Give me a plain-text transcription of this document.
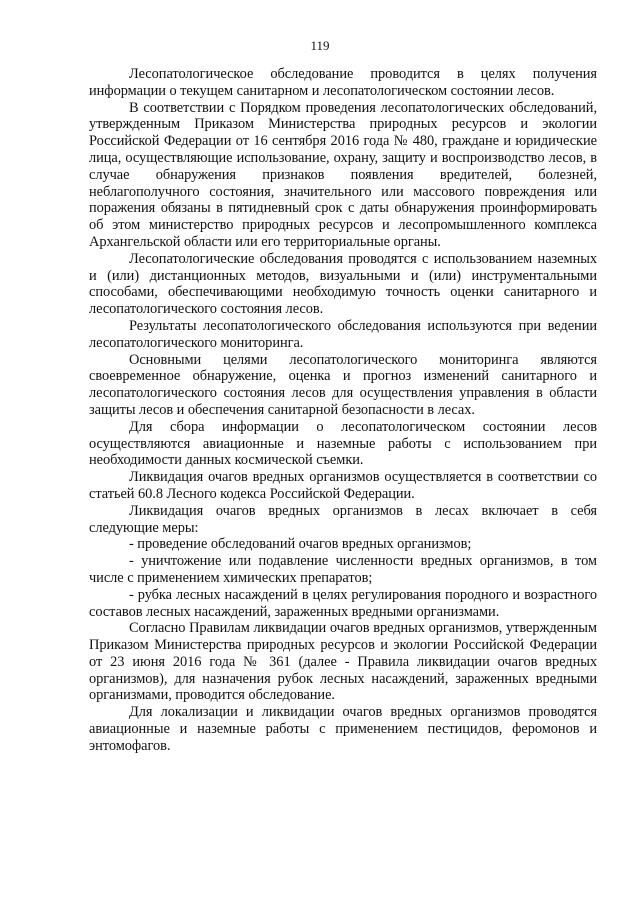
119

Лесопатологическое обследование проводится в целях получения информации о текущем санитарном и лесопатологическом состоянии лесов.

В соответствии с Порядком проведения лесопатологических обследований, утвержденным Приказом Министерства природных ресурсов и экологии Российской Федерации от 16 сентября 2016 года № 480, граждане и юридические лица, осуществляющие использование, охрану, защиту и воспроизводство лесов, в случае обнаружения признаков появления вредителей, болезней, неблагополучного состояния, значительного или массового повреждения или поражения обязаны в пятидневный срок с даты обнаружения проинформировать об этом министерство природных ресурсов и лесопромышленного комплекса Архангельской области или его территориальные органы.

Лесопатологические обследования проводятся с использованием наземных и (или) дистанционных методов, визуальными и (или) инструментальными способами, обеспечивающими необходимую точность оценки санитарного и лесопатологического состояния лесов.

Результаты лесопатологического обследования используются при ведении лесопатологического мониторинга.

Основными целями лесопатологического мониторинга являются своевременное обнаружение, оценка и прогноз изменений санитарного и лесопатологического состояния лесов для осуществления управления в области защиты лесов и обеспечения санитарной безопасности в лесах.

Для сбора информации о лесопатологическом состоянии лесов осуществляются авиационные и наземные работы с использованием при необходимости данных космической съемки.

Ликвидация очагов вредных организмов осуществляется в соответствии со статьей 60.8 Лесного кодекса Российской Федерации.

Ликвидация очагов вредных организмов в лесах включает в себя следующие меры:

- проведение обследований очагов вредных организмов;

- уничтожение или подавление численности вредных организмов, в том числе с применением химических препаратов;

- рубка лесных насаждений в целях регулирования породного и возрастного составов лесных насаждений, зараженных вредными организмами.

Согласно Правилам ликвидации очагов вредных организмов, утвержденным Приказом Министерства природных ресурсов и экологии Российской Федерации от 23 июня 2016 года № 361 (далее - Правила ликвидации очагов вредных организмов), для назначения рубок лесных насаждений, зараженных вредными организмами, проводится обследование.

Для локализации и ликвидации очагов вредных организмов проводятся авиационные и наземные работы с применением пестицидов, феромонов и энтомофагов.
